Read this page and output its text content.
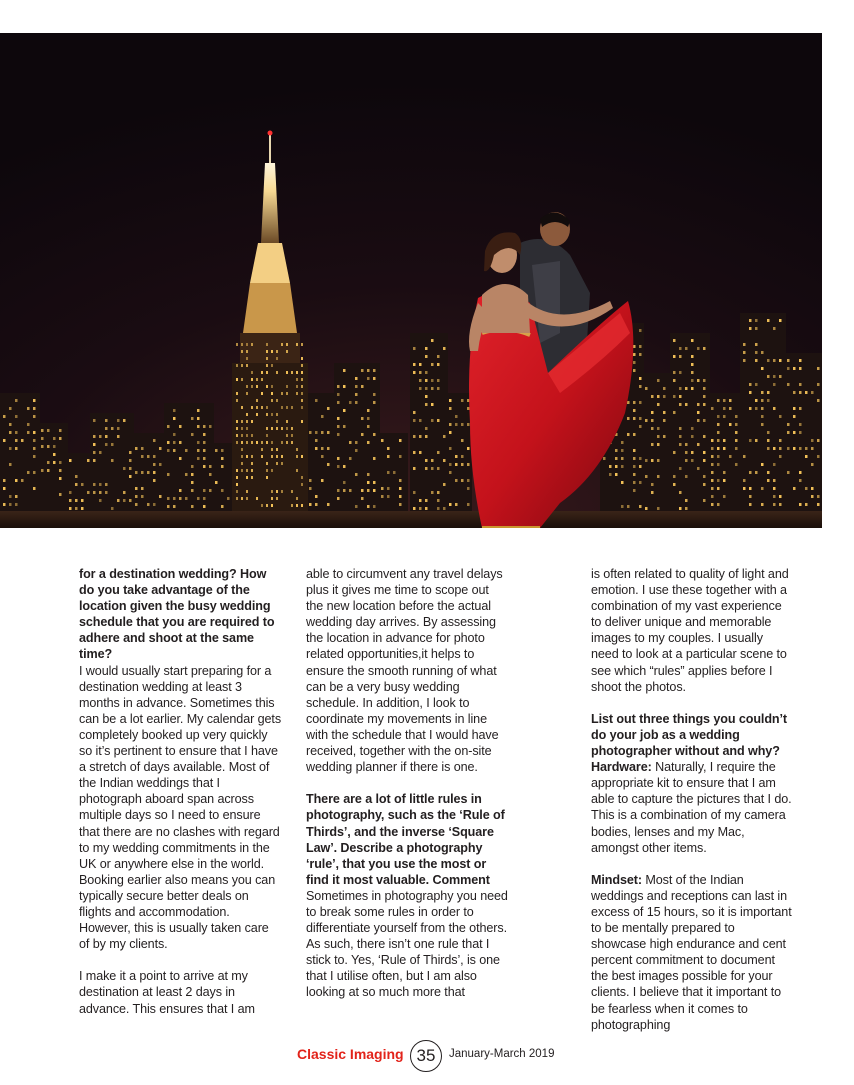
for a destination wedding? How do you take advantage of the location given the busy wedding schedule that you are required to adhere and shoot at the same time?
I would usually start preparing for a destination wedding at least 3 months in advance. Sometimes this can be a lot earlier. My calendar gets completely booked up very quickly so it’s pertinent to ensure that I have a stretch of days available. Most of the Indian weddings that I photograph aboard span across multiple days so I need to ensure that there are no clashes with regard to my wedding commitments in the UK or anywhere else in the world. Booking earlier also means you can typically secure better deals on flights and accommodation. However, this is usually taken care of by my clients.

I make it a point to arrive at my destination at least 2 days in advance. This ensures that I am

able to circumvent any travel delays plus it gives me time to scope out the new location before the actual wedding day arrives. By assessing the location in advance for photo related opportunities,it helps to ensure the smooth running of what can be a very busy wedding schedule. In addition, I look to coordinate my movements in line with the schedule that I would have received, together with the on-site wedding planner if there is one.

There are a lot of little rules in photography, such as the ‘Rule of Thirds’, and the inverse ‘Square Law’. Describe a photography ‘rule’, that you use the most or find it most valuable. Comment
Sometimes in photography you need to break some rules in order to differentiate yourself from the others. As such, there isn’t one rule that I stick to. Yes, ‘Rule of Thirds’, is one that I utilise often, but I am also looking at so much more that

is often related to quality of light and emotion. I use these together with a combination of my vast experience to deliver unique and memorable images to my couples. I usually need to look at a particular scene to see which “rules” applies before I shoot the photos.

List out three things you couldn’t do your job as a wedding photographer without and why?
Hardware: Naturally, I require the appropriate kit to ensure that I am able to capture the pictures that I do. This is a combination of my camera bodies, lenses and my Mac, amongst other items.

Mindset: Most of the Indian weddings and receptions can last in excess of 15 hours, so it is important to be mentally prepared to showcase high endurance and cent percent commitment to document the best images possible for your clients. I believe that it important to be fearless when it comes to photographing

Classic Imaging 35	January-March 2019
